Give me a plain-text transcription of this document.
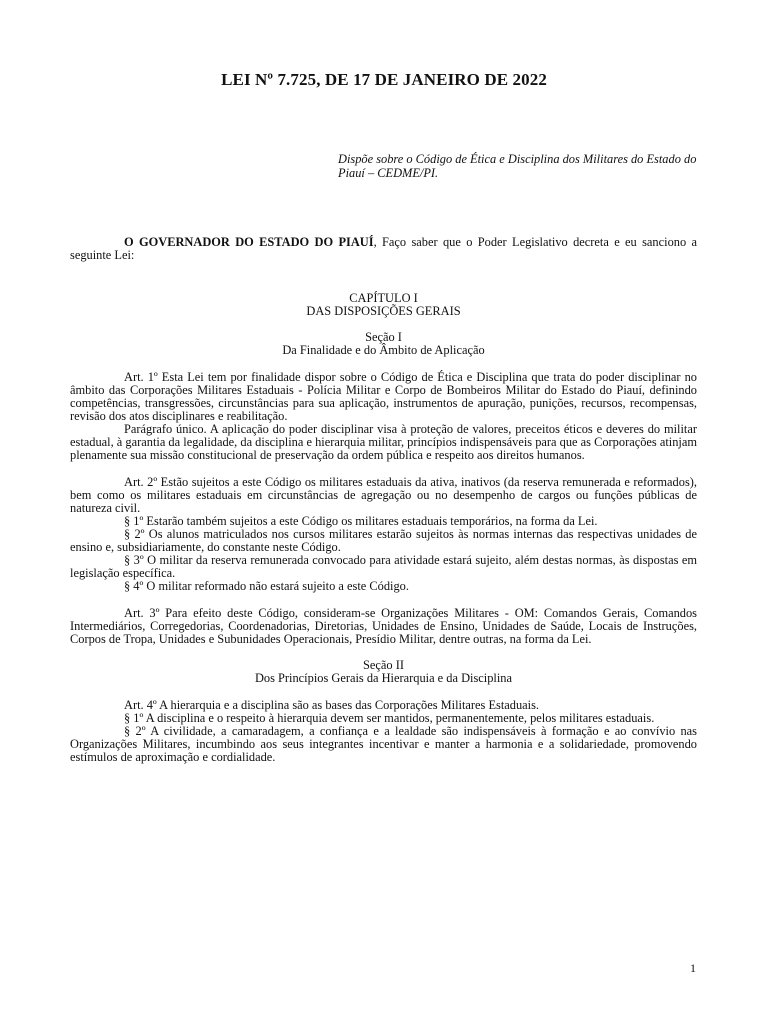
LEI Nº 7.725, DE 17 DE JANEIRO DE 2022
Dispõe sobre o Código de Ética e Disciplina dos Militares do Estado do Piauí – CEDME/PI.

O GOVERNADOR DO ESTADO DO PIAUÍ, Faço saber que o Poder Legislativo decreta e eu sanciono a seguinte Lei:

CAPÍTULO I
DAS DISPOSIÇÕES GERAIS
Seção I
Da Finalidade e do Âmbito de Aplicação

Art. 1º Esta Lei tem por finalidade dispor sobre o Código de Ética e Disciplina que trata do poder disciplinar no âmbito das Corporações Militares Estaduais - Polícia Militar e Corpo de Bombeiros Militar do Estado do Piauí, definindo competências, transgressões, circunstâncias para sua aplicação, instrumentos de apuração, punições, recursos, recompensas, revisão dos atos disciplinares e reabilitação.

Parágrafo único. A aplicação do poder disciplinar visa à proteção de valores, preceitos éticos e deveres do militar estadual, à garantia da legalidade, da disciplina e hierarquia militar, princípios indispensáveis para que as Corporações atinjam plenamente sua missão constitucional de preservação da ordem pública e respeito aos direitos humanos.

Art. 2º Estão sujeitos a este Código os militares estaduais da ativa, inativos (da reserva remunerada e reformados), bem como os militares estaduais em circunstâncias de agregação ou no desempenho de cargos ou funções públicas de natureza civil.

§ 1º Estarão também sujeitos a este Código os militares estaduais temporários, na forma da Lei.

§ 2º Os alunos matriculados nos cursos militares estarão sujeitos às normas internas das respectivas unidades de ensino e, subsidiariamente, do constante neste Código.

§ 3º O militar da reserva remunerada convocado para atividade estará sujeito, além destas normas, às dispostas em legislação específica.

§ 4º O militar reformado não estará sujeito a este Código.

Art. 3º Para efeito deste Código, consideram-se Organizações Militares - OM: Comandos Gerais, Comandos Intermediários, Corregedorias, Coordenadorias, Diretorias, Unidades de Ensino, Unidades de Saúde, Locais de Instruções, Corpos de Tropa, Unidades e Subunidades Operacionais, Presídio Militar, dentre outras, na forma da Lei.

Seção II
Dos Princípios Gerais da Hierarquia e da Disciplina

Art. 4º A hierarquia e a disciplina são as bases das Corporações Militares Estaduais.

§ 1º A disciplina e o respeito à hierarquia devem ser mantidos, permanentemente, pelos militares estaduais.

§ 2º A civilidade, a camaradagem, a confiança e a lealdade são indispensáveis à formação e ao convívio nas Organizações Militares, incumbindo aos seus integrantes incentivar e manter a harmonia e a solidariedade, promovendo estímulos de aproximação e cordialidade.

1
